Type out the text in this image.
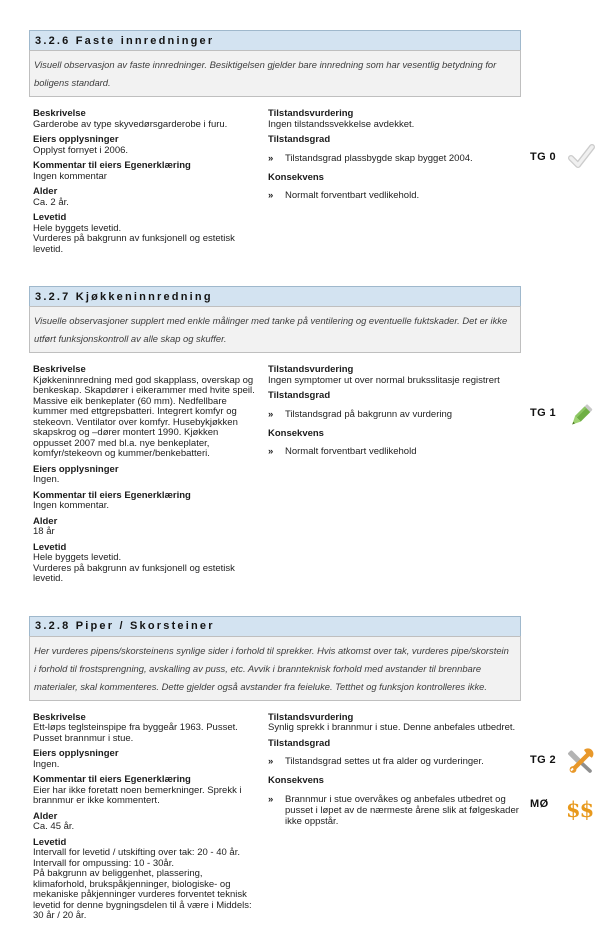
3.2.6 Faste innredninger
Visuell observasjon av faste innredninger. Besiktigelsen gjelder bare innredning som har vesentlig betydning for boligens standard.
Beskrivelse
Garderobe av type skyvedørsgarderobe i furu.
Eiers opplysninger
Opplyst fornyet i 2006.
Kommentar til eiers Egenerklæring
Ingen kommentar
Alder
Ca. 2 år.
Levetid
Hele byggets levetid.
Vurderes på bakgrunn av funksjonell og estetisk levetid.
Tilstandsvurdering
Ingen tilstandssvekkelse avdekket.
Tilstandsgrad
»	Tilstandsgrad plassbygde skap bygget 2004.	TG 0
Konsekvens
»	Normalt forventbart vedlikehold.
3.2.7 Kjøkkeninnredning
Visuelle observasjoner supplert med enkle målinger med tanke på ventilering og eventuelle fuktskader. Det er ikke utført funksjonskontroll av alle skap og skuffer.
Beskrivelse
Kjøkkeninnredning med god skapplass, overskap og benkeskap. Skapdører i eikerammer med hvite speil. Massive eik benkeplater (60 mm). Nedfellbare kummer med ettgrepsbatteri. Integrert komfyr og stekeovn. Ventilator over komfyr. Husebykjøkken skapskrog og –dører montert 1990. Kjøkken oppusset 2007 med bl.a. nye benkeplater, komfyr/stekeovn og kummer/benkebatteri.
Eiers opplysninger
Ingen.
Kommentar til eiers Egenerklæring
Ingen kommentar.
Alder
18 år
Levetid
Hele byggets levetid.
Vurderes på bakgrunn av funksjonell og estetisk levetid.
Tilstandsvurdering
Ingen symptomer ut over normal bruksslitasje registrert
Tilstandsgrad
»	Tilstandsgrad på bakgrunn av vurdering	TG 1
Konsekvens
»	Normalt forventbart vedlikehold
3.2.8 Piper / Skorsteiner
Her vurderes pipens/skorsteinens synlige sider i forhold til sprekker. Hvis atkomst over tak, vurderes pipe/skorstein i forhold til frostsprengning, avskalling av puss, etc. Avvik i brannteknisk forhold med avstander til brennbare materialer, skal kommenteres. Dette gjelder også avstander fra feieluke. Tetthet og funksjon kontrolleres ikke.
Beskrivelse
Ett-løps teglsteinspipe fra byggeår 1963. Pusset. Pusset brannmur i stue.
Eiers opplysninger
Ingen.
Kommentar til eiers Egenerklæring
Eier har ikke foretatt noen bemerkninger. Sprekk i brannmur er ikke kommentert.
Alder
Ca. 45 år.
Levetid
Intervall for levetid / utskifting over tak: 20 - 40 år.
Intervall for ompussing: 10 - 30år.
På bakgrunn av beliggenhet, plassering, klimaforhold, brukspåkjenninger, biologiske- og mekaniske påkjenninger vurderes forventet teknisk levetid for denne bygningsdelen til å være i Middels: 30 år / 20 år.
Tilstandsvurdering
Synlig sprekk i brannmur i stue. Denne anbefales utbedret.
Tilstandsgrad
»	Tilstandsgrad settes ut fra alder og vurderinger.	TG 2
Konsekvens
»	Brannmur i stue overvåkes og anbefales utbedret og pusset i løpet av de nærmeste årene slik at følgeskader ikke oppstår.
MØ $$
